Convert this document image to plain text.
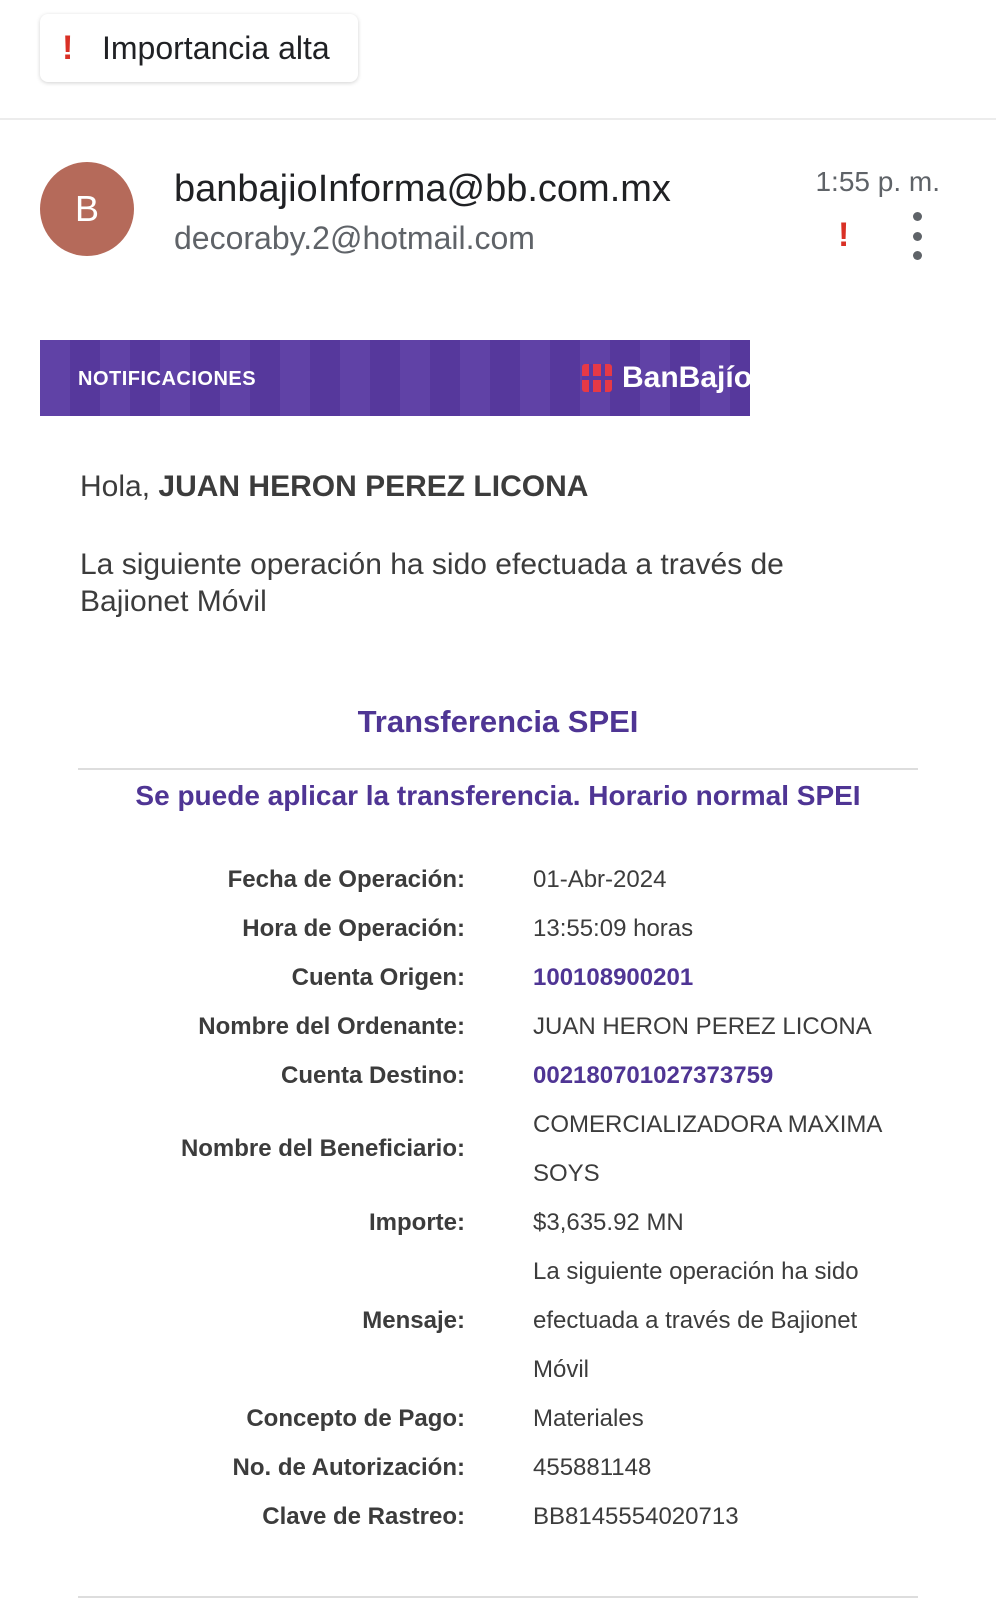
! Importancia alta
B	banbajioInforma@bb.com.mx
decoraby.2@hotmail.com
1:55 p. m.
!
NOTIFICACIONES	BanBajío
Hola, JUAN HERON PEREZ LICONA
La siguiente operación ha sido efectuada a través de Bajionet Móvil
Transferencia SPEI
Se puede aplicar la transferencia. Horario normal SPEI
Fecha de Operación:	01-Abr-2024
Hora de Operación:	13:55:09 horas
Cuenta Origen:	100108900201
Nombre del Ordenante:	JUAN HERON PEREZ LICONA
Cuenta Destino:	002180701027373759
Nombre del Beneficiario:
COMERCIALIZADORA MAXIMA SOYS
Importe:	$3,635.92 MN
Mensaje:
La siguiente operación ha sido efectuada a través de Bajionet Móvil
Concepto de Pago:	Materiales
No. de Autorización:	455881148
Clave de Rastreo:	BB8145554020713
